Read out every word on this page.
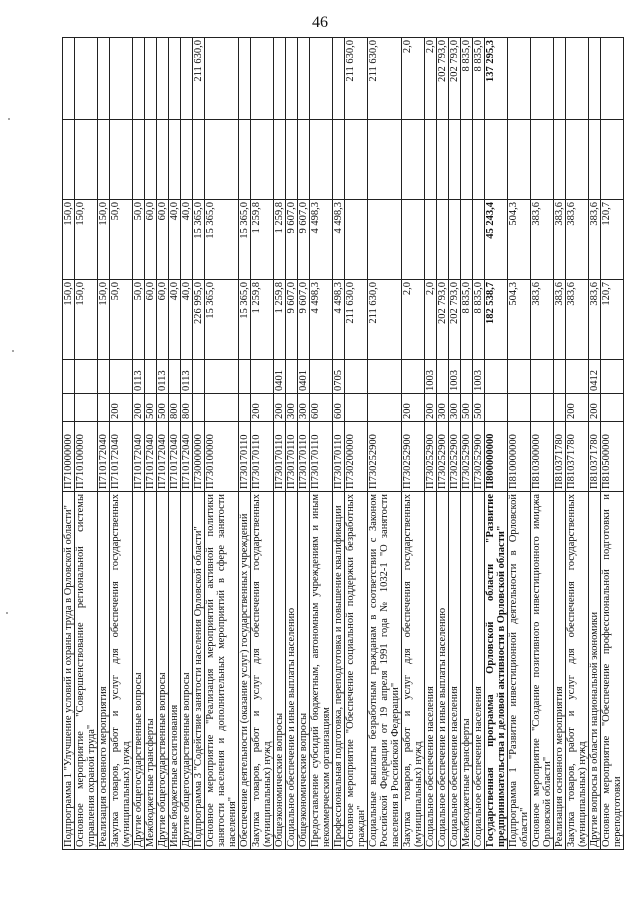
46
Подпрограмма 1 "Улучшение условий и охраны труда в Орловской области"	П710000000			150,0	150,0		
Основное мероприятие "Совершенствование региональной системы управления охраной труда"	П710100000			150,0	150,0		
Реализация основного мероприятия	П710172040			150,0	150,0		
Закупка товаров, работ и услуг для обеспечения государственных (муниципальных) нужд	П710172040	200		50,0	50,0		
Другие общегосударственные вопросы	П710172040	200	0113	50,0	50,0		
Межбюджетные трансферты	П710172040	500		60,0	60,0		
Другие общегосударственные вопросы	П710172040	500	0113	60,0	60,0		
Иные бюджетные ассигнования	П710172040	800		40,0	40,0		
Другие общегосударственные вопросы	П710172040	800	0113	40,0	40,0		
Подпрограмма 3 "Содействие занятости населения Орловской области"	П730000000			226 995,0	15 365,0		211 630,0
Основное мероприятие "Реализация мероприятий активной политики занятости населения и дополнительных мероприятий в сфере занятости населения"	П730100000			15 365,0	15 365,0		
Обеспечение деятельности (оказание услуг) государственных учреждений	П730170110			15 365,0	15 365,0		
Закупка товаров, работ и услуг для обеспечения государственных (муниципальных) нужд	П730170110	200		1 259,8	1 259,8		
Общеэкономические вопросы	П730170110	200	0401	1 259,8	1 259,8		
Социальное обеспечение и иные выплаты населению	П730170110	300		9 607,0	9 607,0		
Общеэкономические вопросы	П730170110	300	0401	9 607,0	9 607,0		
Предоставление субсидий бюджетным, автономным учреждениям и иным некоммерческим организациям	П730170110	600		4 498,3	4 498,3		
Профессиональная подготовка, переподготовка и повышение квалификации	П730170110	600	0705	4 498,3	4 498,3		
Основное мероприятие "Обеспечение социальной поддержки безработных граждан"	П730200000			211 630,0			211 630,0
Социальные выплаты безработным гражданам в соответствии с Законом Российской Федерации от 19 апреля 1991 года № 1032-1 "О занятости населения в Российской Федерации"	П730252900			211 630,0			211 630,0
Закупка товаров, работ и услуг для обеспечения государственных (муниципальных) нужд	П730252900	200		2,0			2,0
Социальное обеспечение населения	П730252900	200	1003	2,0			2,0
Социальное обеспечение и иные выплаты населению	П730252900	300		202 793,0			202 793,0
Социальное обеспечение населения	П730252900	300	1003	202 793,0			202 793,0
Межбюджетные трансферты	П730252900	500		8 835,0			8 835,0
Социальное обеспечение населения	П730252900	500	1003	8 835,0			8 835,0
Государственная программа Орловской области "Развитие предпринимательства и деловой активности в Орловской области"	П800000000			182 538,7	45 243,4		137 295,3
Подпрограмма 1 "Развитие инвестиционной деятельности в Орловской области"	П810000000			504,3	504,3		
Основное мероприятие "Создание позитивного инвестиционного имиджа Орловской области"	П810300000			383,6	383,6		
Реализация основного мероприятия	П810371780			383,6	383,6		
Закупка товаров, работ и услуг для обеспечения государственных (муниципальных) нужд	П810371780	200		383,6	383,6		
Другие вопросы в области национальной экономики	П810371780	200	0412	383,6	383,6		
Основное мероприятие "Обеспечение профессиональной подготовки и переподготовки	П810500000			120,7	120,7		
